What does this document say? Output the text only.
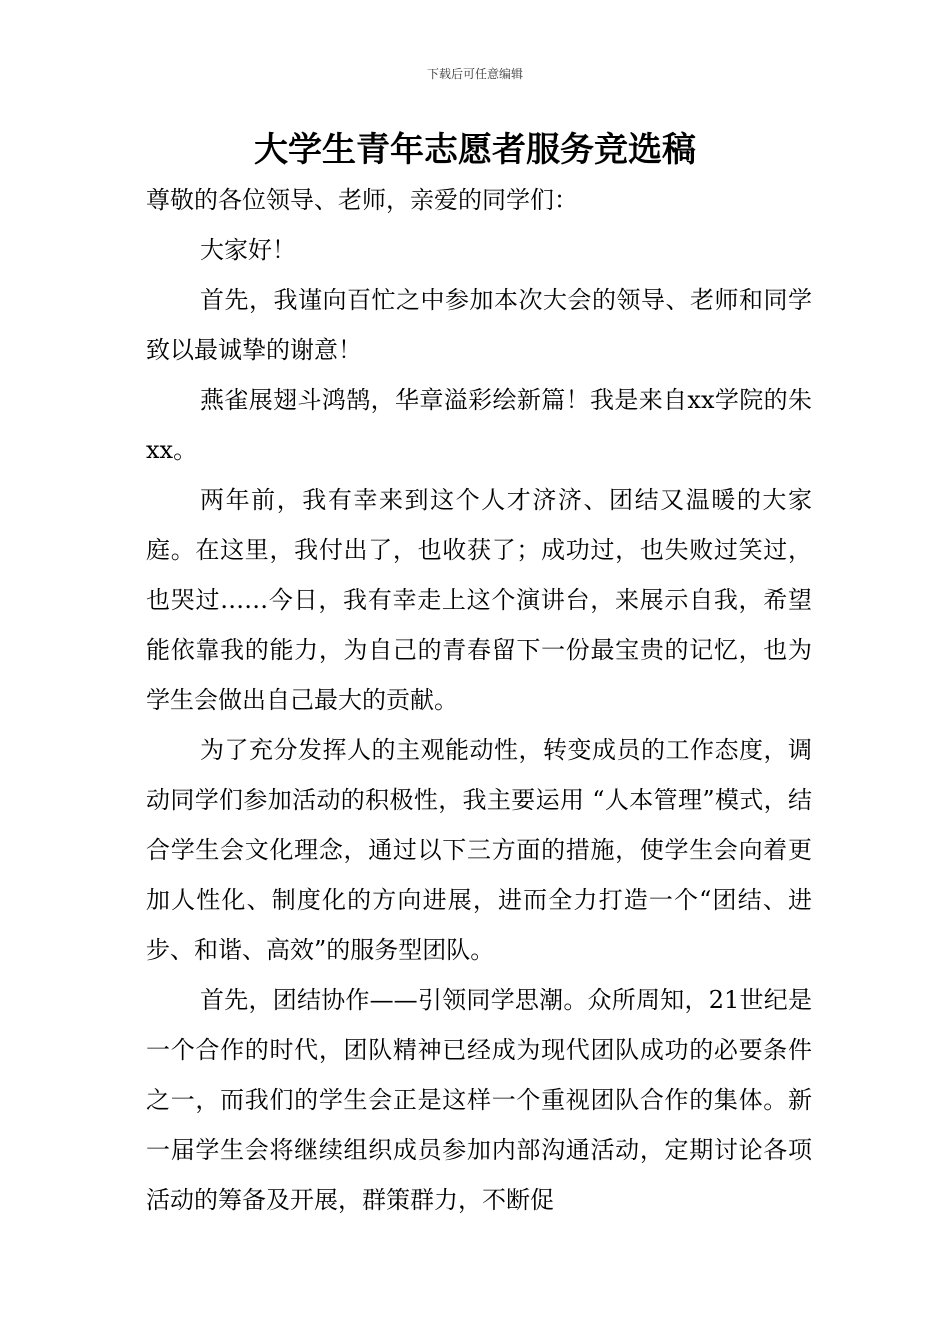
下载后可任意编辑
大学生青年志愿者服务竞选稿

尊敬的各位领导、老师，亲爱的同学们：

大家好！

首先，我谨向百忙之中参加本次大会的领导、老师和同学致以最诚挚的谢意！

燕雀展翅斗鸿鹄，华章溢彩绘新篇！我是来自xx学院的朱xx。

两年前，我有幸来到这个人才济济、团结又温暖的大家庭。在这里，我付出了，也收获了；成功过，也失败过笑过，也哭过……今日，我有幸走上这个演讲台，来展示自我，希望能依靠我的能力，为自己的青春留下一份最宝贵的记忆，也为学生会做出自己最大的贡献。

为了充分发挥人的主观能动性，转变成员的工作态度，调动同学们参加活动的积极性，我主要运用 “人本管理”模式，结合学生会文化理念，通过以下三方面的措施，使学生会向着更加人性化、制度化的方向进展，进而全力打造一个“团结、进步、和谐、高效”的服务型团队。

首先，团结协作——引领同学思潮。众所周知，21世纪是一个合作的时代，团队精神已经成为现代团队成功的必要条件之一，而我们的学生会正是这样一个重视团队合作的集体。新一届学生会将继续组织成员参加内部沟通活动，定期讨论各项活动的筹备及开展，群策群力，不断促
